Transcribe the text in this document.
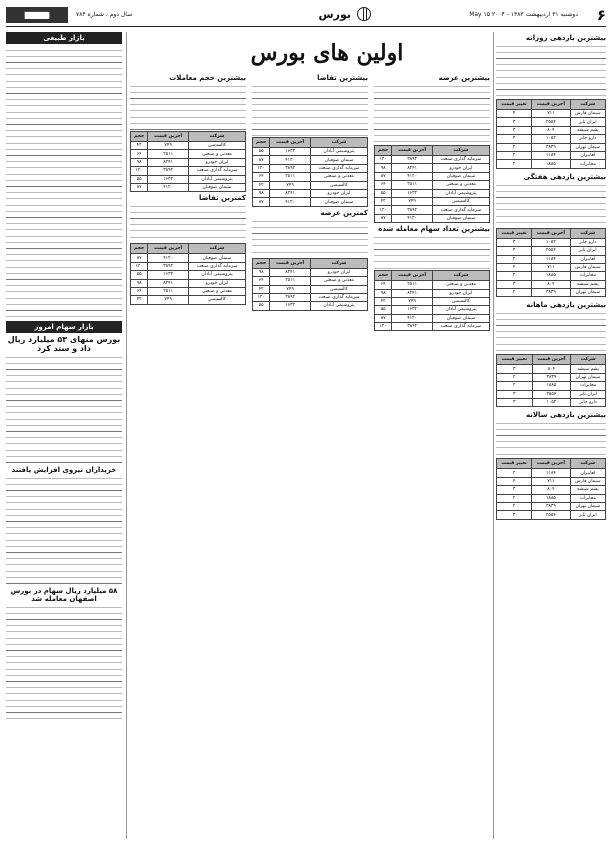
۶
دوشنبه ۳۱ اردیبهشت ۱۳۸۳ - ۲۰۰۴ May ۱۵
بورس
سال دوم ، شماره ۷۸۴
▆▆▆▆
اولین های بورس
بیشترین بازدهی روزانه
شرکت	آخرین قیمت	تغییر قیمت
سیمان فارس	۷۱۱	۴
ایران تایر	۲۵۵۴	۳
پشم شیشه	۸۰۴	۳
دارو جابر	۱۰۵۲	۳
سیمان تهران	۳۸۳۹	۲
لعابیران	۱۱۸۴	۲
مخابرات	۱۸۸۵	۲
بیشترین بازدهی هفتگی
شرکت	آخرین قیمت	تغییر قیمت
دارو جابر	۱۰۵۲	۳
ایران تایر	۲۵۵۴	۳
لعابیران	۱۱۸۴	۲
سیمان فارس	۷۱۱	۴
مخابرات	۱۸۸۵	۲
پشم شیشه	۸۰۴	۳
سیمان تهران	۳۸۳۹	۲
بیشترین بازدهی ماهانه
شرکت	آخرین قیمت	تغییر قیمت
پشم شیشه	۸۰۴	۳
سیمان تهران	۳۸۳۹	۲
مخابرات	۱۸۸۵	۲
ایران تایر	۲۵۵۴	۳
دارو جابر	۱۰۵۲	۳
بیشترین بازدهی سالانه
شرکت	آخرین قیمت	تغییر قیمت
لعابیران	۱۱۸۴	۲
سیمان فارس	۷۱۱	۴
پشم شیشه	۸۰۴	۳
مخابرات	۱۸۸۵	۲
سیمان تهران	۳۸۳۹	۲
ایران تایر	۲۵۵۴	۳
بیشترین عرضه
شرکت	آخرین قیمت	حجم
سرمایه گذاری صنعت	۳۸۹۲	۱۲۰
ایران خودرو	۸۲۴۱	۹۸
سیمان صوفیان	۴۱۲۰	۸۷
معدنی و صنعتی	۲۵۱۱	۶۴
پتروشیمی آبادان	۱۶۳۲	۵۵
کالسیمین	۷۴۹	۴۲
سرمایه گذاری صنعت	۳۸۹۲	۱۲۰
سیمان صوفیان	۴۱۲۰	۸۷
بیشترین تعداد سهام معامله شده
شرکت	آخرین قیمت	حجم
معدنی و صنعتی	۲۵۱۱	۶۴
ایران خودرو	۸۲۴۱	۹۸
کالسیمین	۷۴۹	۴۲
پتروشیمی آبادان	۱۶۳۲	۵۵
سیمان صوفیان	۴۱۲۰	۸۷
سرمایه گذاری صنعت	۳۸۹۲	۱۲۰
بیشترین تقاضا
شرکت	آخرین قیمت	حجم
پتروشیمی آبادان	۱۶۳۲	۵۵
سیمان صوفیان	۴۱۲۰	۸۷
سرمایه گذاری صنعت	۳۸۹۲	۱۲۰
معدنی و صنعتی	۲۵۱۱	۶۴
کالسیمین	۷۴۹	۴۲
ایران خودرو	۸۲۴۱	۹۸
سیمان صوفیان	۴۱۲۰	۸۷
کمترین عرضه
شرکت	آخرین قیمت	حجم
ایران خودرو	۸۲۴۱	۹۸
معدنی و صنعتی	۲۵۱۱	۶۴
کالسیمین	۷۴۹	۴۲
سرمایه گذاری صنعت	۳۸۹۲	۱۲۰
پتروشیمی آبادان	۱۶۳۲	۵۵
بیشترین حجم معاملات
شرکت	آخرین قیمت	حجم
کالسیمین	۷۴۹	۴۲
معدنی و صنعتی	۲۵۱۱	۶۴
ایران خودرو	۸۲۴۱	۹۸
سرمایه گذاری صنعت	۳۸۹۲	۱۲۰
پتروشیمی آبادان	۱۶۳۲	۵۵
سیمان صوفیان	۴۱۲۰	۸۷
کمترین تقاضا
شرکت	آخرین قیمت	حجم
سیمان صوفیان	۴۱۲۰	۸۷
سرمایه گذاری صنعت	۳۸۹۲	۱۲۰
پتروشیمی آبادان	۱۶۳۲	۵۵
ایران خودرو	۸۲۴۱	۹۸
معدنی و صنعتی	۲۵۱۱	۶۴
کالسیمین	۷۴۹	۴۲
بازار طبیعی
بازار سهام امروز
بورس منهای ۵۳ میلیارد ریال داد و ستد کرد
خریداران نیروی افزایش یافتند
۵۸ میلیارد ریال سهام در بورس اصفهان معامله شد
